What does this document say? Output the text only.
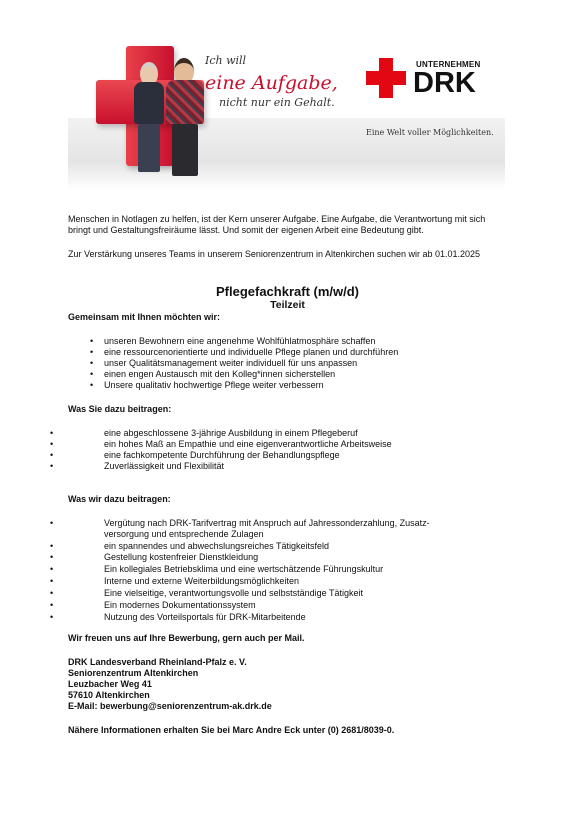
Ich will
eine Aufgabe,
nicht nur ein Gehalt.
UNTERNEHMEN
DRK
Eine Welt voller Möglichkeiten.
Menschen in Notlagen zu helfen, ist der Kern unserer Aufgabe. Eine Aufgabe, die Verantwortung mit sich bringt und Gestaltungsfreiräume lässt. Und somit der eigenen Arbeit eine Bedeutung gibt.
Zur Verstärkung unseres Teams in unserem Seniorenzentrum in Altenkirchen suchen wir ab 01.01.2025
Pflegefachkraft (m/w/d)
Teilzeit
Gemeinsam mit Ihnen möchten wir:
• unseren Bewohnern eine angenehme Wohlfühlatmosphäre schaffen
• eine ressourcenorientierte und individuelle Pflege planen und durchführen
• unser Qualitätsmanagement weiter individuell für uns anpassen
• einen engen Austausch mit den Kolleg*innen sicherstellen
• Unsere qualitativ hochwertige Pflege weiter verbessern
Was Sie dazu beitragen:
•	eine abgeschlossene 3-jährige Ausbildung in einem Pflegeberuf
•	ein hohes Maß an Empathie und eine eigenverantwortliche Arbeitsweise
•	eine fachkompetente Durchführung der Behandlungspflege
•	Zuverlässigkeit und Flexibilität
Was wir dazu beitragen:
•	Vergütung nach DRK-Tarifvertrag mit Anspruch auf Jahressonderzahlung, Zusatz-
versorgung und entsprechende Zulagen
•	ein spannendes und abwechslungsreiches Tätigkeitsfeld
•	Gestellung kostenfreier Dienstkleidung
•	Ein kollegiales Betriebsklima und eine wertschätzende Führungskultur
•	Interne und externe Weiterbildungsmöglichkeiten
•	Eine vielseitige, verantwortungsvolle und selbstständige Tätigkeit
•	Ein modernes Dokumentationssystem
•	Nutzung des Vorteilsportals für DRK-Mitarbeitende
Wir freuen uns auf Ihre Bewerbung, gern auch per Mail.
DRK Landesverband Rheinland-Pfalz e. V.
Seniorenzentrum Altenkirchen
Leuzbacher Weg 41
57610 Altenkirchen
E-Mail: bewerbung@seniorenzentrum-ak.drk.de
Nähere Informationen erhalten Sie bei Marc Andre Eck unter (0) 2681/8039-0.
